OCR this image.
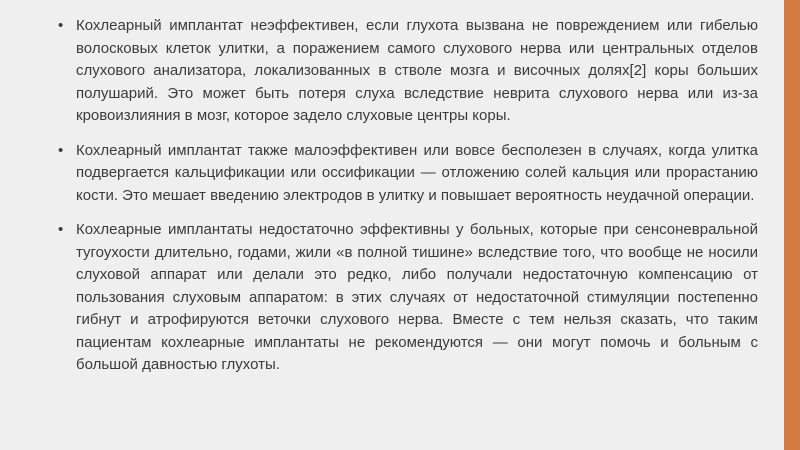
• Кохлеарный имплантат неэффективен, если глухота вызвана не повреждением или гибелью волосковых клеток улитки, а поражением самого слухового нерва или центральных отделов слухового анализатора, локализованных в стволе мозга и височных долях[2] коры больших полушарий. Это может быть потеря слуха вследствие неврита слухового нерва или из-за кровоизлияния в мозг, которое задело слуховые центры коры.

• Кохлеарный имплантат также малоэффективен или вовсе бесполезен в случаях, когда улитка подвергается кальцификации или оссификации — отложению солей кальция или прорастанию кости. Это мешает введению электродов в улитку и повышает вероятность неудачной операции.

• Кохлеарные имплантаты недостаточно эффективны у больных, которые при сенсоневральной тугоухости длительно, годами, жили «в полной тишине» вследствие того, что вообще не носили слуховой аппарат или делали это редко, либо получали недостаточную компенсацию от пользования слуховым аппаратом: в этих случаях от недостаточной стимуляции постепенно гибнут и атрофируются веточки слухового нерва. Вместе с тем нельзя сказать, что таким пациентам кохлеарные имплантаты не рекомендуются — они могут помочь и больным с большой давностью глухоты.
